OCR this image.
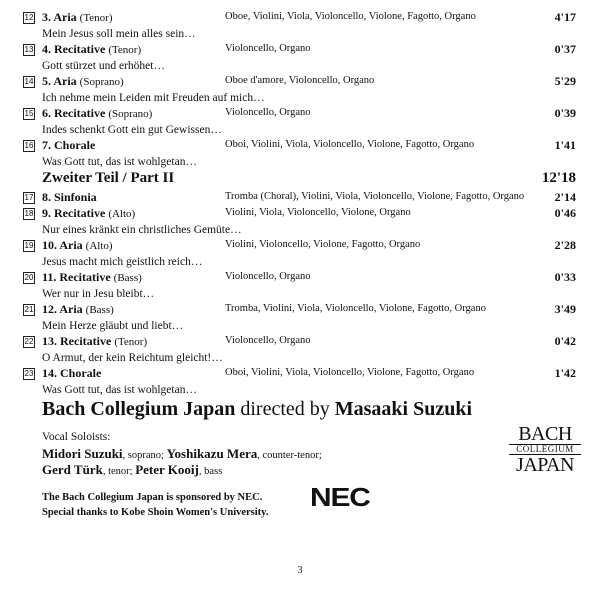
12 3. Aria (Tenor)	Oboe, Violini, Viola, Violoncello, Violone, Fagotto, Organo	4'17
Mein Jesus soll mein alles sein…
13 4. Recitative (Tenor)	Violoncello, Organo	0'37
Gott stürzet und erhöhet…
14 5. Aria (Soprano)	Oboe d'amore, Violoncello, Organo	5'29
Ich nehme mein Leiden mit Freuden auf mich…
15 6. Recitative (Soprano)	Violoncello, Organo	0'39
Indes schenkt Gott ein gut Gewissen…
16 7. Chorale	Oboi, Violini, Viola, Violoncello, Violone, Fagotto, Organo	1'41
Was Gott tut, das ist wohlgetan…
Zweiter Teil / Part II	12'18
17 8. Sinfonia	Tromba (Choral), Violini, Viola, Violoncello, Violone, Fagotto, Organo	2'14
18 9. Recitative (Alto)	Violini, Viola, Violoncello, Violone, Organo	0'46
Nur eines kränkt ein christliches Gemüte…
19 10. Aria (Alto)	Violini, Violoncello, Violone, Fagotto, Organo	2'28
Jesus macht mich geistlich reich…
20 11. Recitative (Bass)	Violoncello, Organo	0'33
Wer nur in Jesu bleibt…
21 12. Aria (Bass)	Tromba, Violini, Viola, Violoncello, Violone, Fagotto, Organo	3'49
Mein Herze gläubt und liebt…
22 13. Recitative (Tenor)	Violoncello, Organo	0'42
O Armut, der kein Reichtum gleicht!…
23 14. Chorale	Oboi, Violini, Viola, Violoncello, Violone, Fagotto, Organo	1'42
Was Gott tut, das ist wohlgetan…
Bach Collegium Japan directed by Masaaki Suzuki
Vocal Soloists:
Midori Suzuki, soprano; Yoshikazu Mera, counter-tenor;
Gerd Türk, tenor; Peter Kooij, bass
The Bach Collegium Japan is sponsored by NEC.
Special thanks to Kobe Shoin Women's University.
NEC
BACH
COLLEGIUM
JAPAN
3
